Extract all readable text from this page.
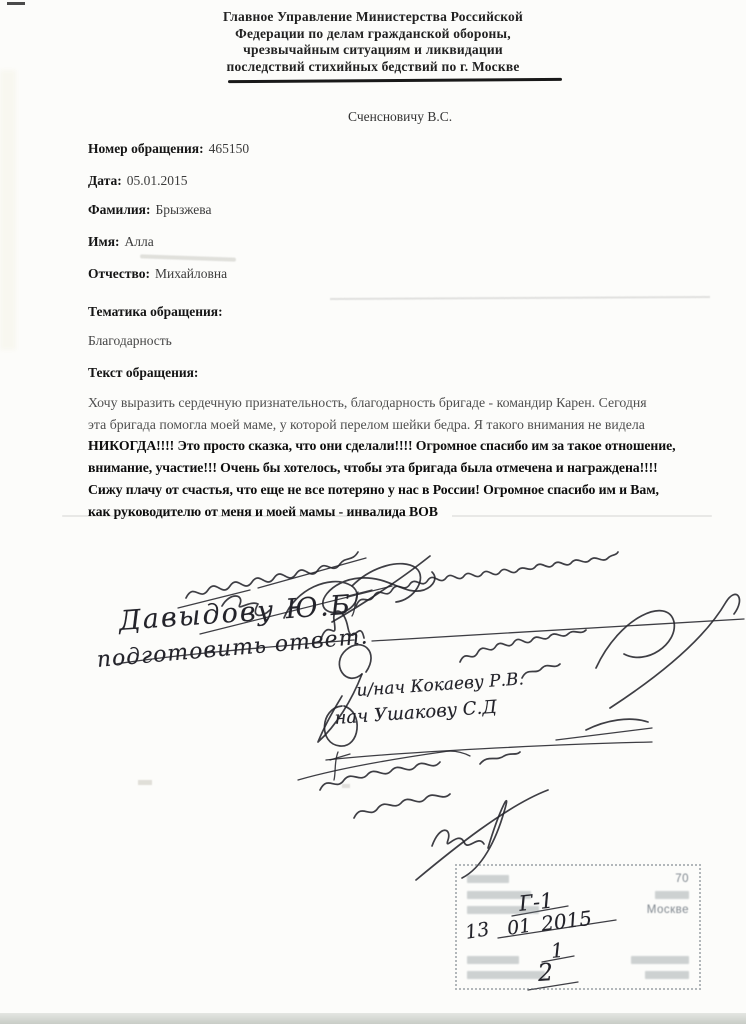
Главное Управление Министерства Российской
Федерации по делам гражданской обороны,
чрезвычайным ситуациям и ликвидации
последствий стихийных бедствий по г. Москве
Сченсновичу В.С.
Номер обращения: 465150
Дата: 05.01.2015
Фамилия: Брызжева
Имя: Алла
Отчество: Михайловна
Тематика обращения:
Благодарность
Текст обращения:
Хочу выразить сердечную признательность, благодарность бригаде - командир Карен. Сегодня
эта бригада помогла моей маме, у которой перелом шейки бедра. Я такого внимания не видела
НИКОГДА!!!! Это просто сказка, что они сделали!!!! Огромное спасибо им за такое отношение,
внимание, участие!!! Очень бы хотелось, чтобы эта бригада была отмечена и награждена!!!!
Сижу плачу от счастья, что еще не все потеряно у нас в России! Огромное спасибо им и Вам,
как руководителю от меня и моей мамы - инвалида ВОВ
Давыдову Ю.Б
подготовить ответ.
и/нач Кокаеву Р.В.
нач Ушакову С.Д
70
Москве
Г-1
13 01 2015
1
2
